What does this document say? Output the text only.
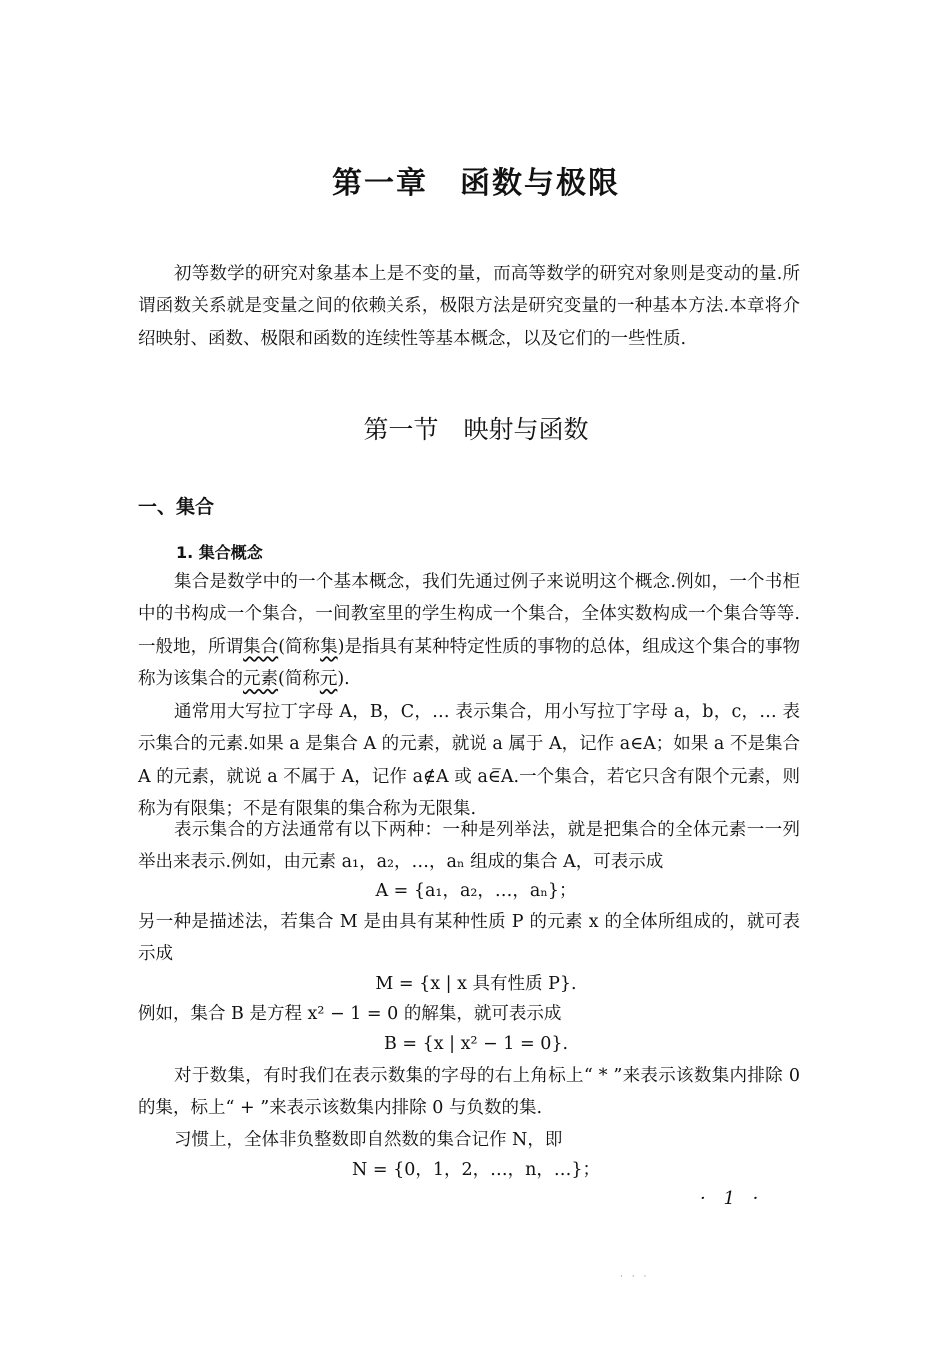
第一章　函数与极限
初等数学的研究对象基本上是不变的量，而高等数学的研究对象则是变动的量.所谓函数关系就是变量之间的依赖关系，极限方法是研究变量的一种基本方法.本章将介绍映射、函数、极限和函数的连续性等基本概念，以及它们的一些性质.
第一节　映射与函数
一、集合
1. 集合概念
集合是数学中的一个基本概念，我们先通过例子来说明这个概念.例如，一个书柜中的书构成一个集合，一间教室里的学生构成一个集合，全体实数构成一个集合等等.一般地，所谓集合(简称集)是指具有某种特定性质的事物的总体，组成这个集合的事物称为该集合的元素(简称元).
通常用大写拉丁字母 A，B，C，… 表示集合，用小写拉丁字母 a，b，c，… 表示集合的元素.如果 a 是集合 A 的元素，就说 a 属于 A，记作 a∈A；如果 a 不是集合 A 的元素，就说 a 不属于 A，记作 a∉A 或 a∈̅A.一个集合，若它只含有限个元素，则称为有限集；不是有限集的集合称为无限集.
表示集合的方法通常有以下两种：一种是列举法，就是把集合的全体元素一一列举出来表示.例如，由元素 a₁，a₂，…，aₙ 组成的集合 A，可表示成
A = {a₁，a₂，…，aₙ}；
另一种是描述法，若集合 M 是由具有某种性质 P 的元素 x 的全体所组成的，就可表示成
M = {x | x 具有性质 P}.
例如，集合 B 是方程 x² − 1 = 0 的解集，就可表示成
B = {x | x² − 1 = 0}.
对于数集，有时我们在表示数集的字母的右上角标上“ * ”来表示该数集内排除 0 的集，标上“ + ”来表示该数集内排除 0 与负数的集.
习惯上，全体非负整数即自然数的集合记作 N，即
N = {0，1，2，…，n，…}；
· 1 ·
· · ·
